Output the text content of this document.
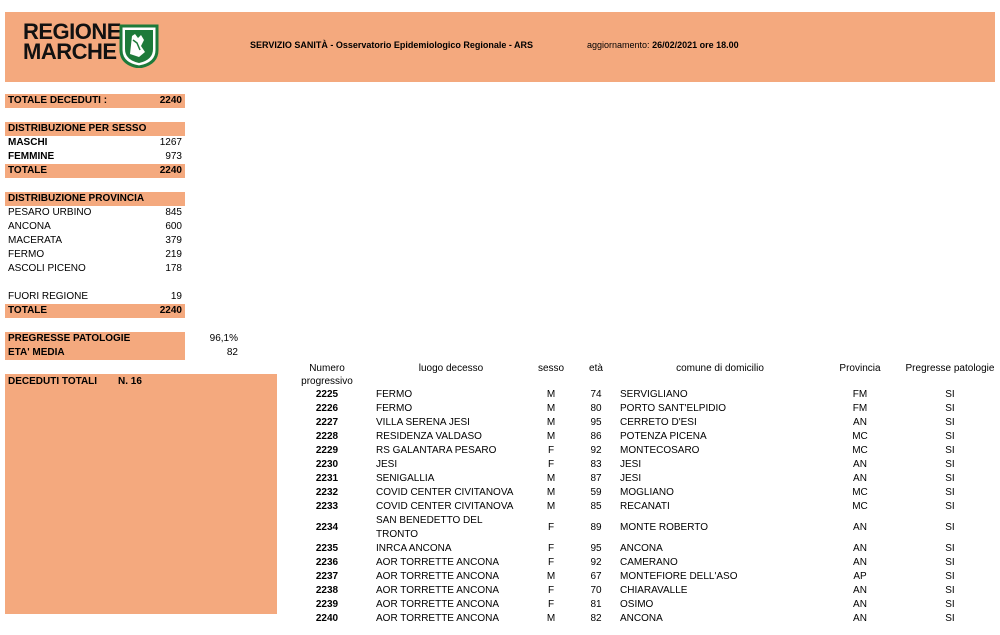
REGIONE
MARCHE	SERVIZIO SANITÀ - Osservatorio Epidemiologico Regionale - ARS	aggiornamento: 26/02/2021 ore 18.00
TOTALE DECEDUTI :	2240
DISTRIBUZIONE PER SESSO
MASCHI	1267
FEMMINE	973
TOTALE	2240
DISTRIBUZIONE PROVINCIA
PESARO URBINO	845
ANCONA	600
MACERATA	379
FERMO	219
ASCOLI PICENO	178
FUORI REGIONE	19
TOTALE	2240
PREGRESSE PATOLOGIE	96,1%
ETA' MEDIA	82
DECEDUTI TOTALI N. 16
Numero progressivo	luogo decesso	sesso	età	comune di domicilio	Provincia	Pregresse patologie
2225	FERMO	M	74	SERVIGLIANO	FM	SI
2226	FERMO	M	80	PORTO SANT'ELPIDIO	FM	SI
2227	VILLA SERENA JESI	M	95	CERRETO D'ESI	AN	SI
2228	RESIDENZA VALDASO	M	86	POTENZA PICENA	MC	SI
2229	RS GALANTARA PESARO	F	92	MONTECOSARO	MC	SI
2230	JESI	F	83	JESI	AN	SI
2231	SENIGALLIA	M	87	JESI	AN	SI
2232	COVID CENTER CIVITANOVA	M	59	MOGLIANO	MC	SI
2233	COVID CENTER CIVITANOVA	M	85	RECANATI	MC	SI
2234	SAN BENEDETTO DEL TRONTO	F	89	MONTE ROBERTO	AN	SI
2235	INRCA ANCONA	F	95	ANCONA	AN	SI
2236	AOR TORRETTE ANCONA	F	92	CAMERANO	AN	SI
2237	AOR TORRETTE ANCONA	M	67	MONTEFIORE DELL'ASO	AP	SI
2238	AOR TORRETTE ANCONA	F	70	CHIARAVALLE	AN	SI
2239	AOR TORRETTE ANCONA	F	81	OSIMO	AN	SI
2240	AOR TORRETTE ANCONA	M	82	ANCONA	AN	SI
